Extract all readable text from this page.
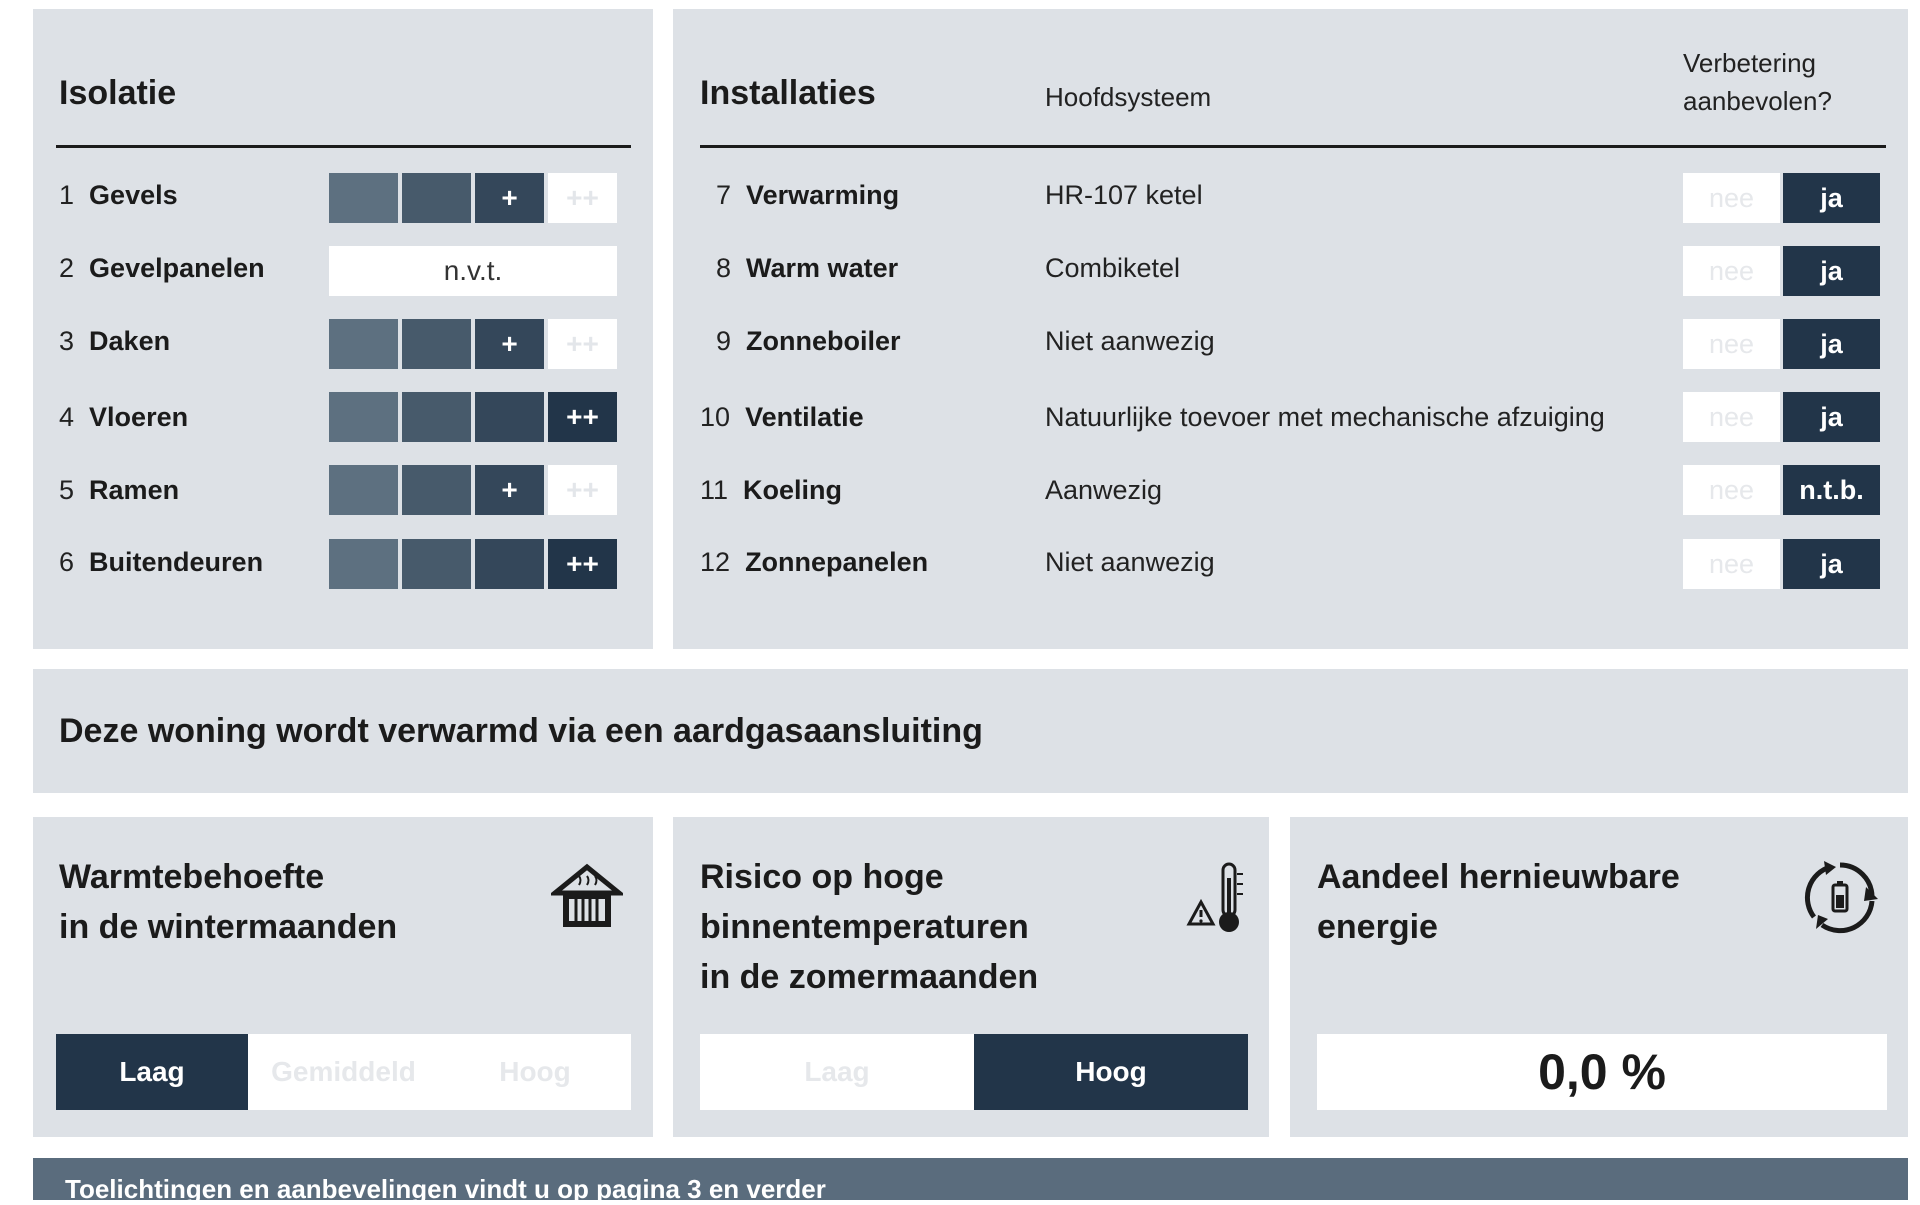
Isolatie
1 Gevels	+	++
2 Gevelpanelen	n.v.t.
3 Daken	+	++
4 Vloeren	++
5 Ramen	+	++
6 Buitendeuren	++
Installaties	Hoofdsysteem
Verbetering
aanbevolen?
7 Verwarming	HR-107 ketel	nee	ja
8 Warm water	Combiketel	nee	ja
9 Zonneboiler	Niet aanwezig	nee	ja
10 Ventilatie	Natuurlijke toevoer met mechanische afzuiging	nee	ja
11 Koeling	Aanwezig	nee	n.t.b.
12 Zonnepanelen	Niet aanwezig	nee	ja
Deze woning wordt verwarmd via een aardgasaansluiting
Warmtebehoefte
in de wintermaanden
Laag	Gemiddeld	Hoog
Risico op hoge
binnentemperaturen
in de zomermaanden
Laag	Hoog
Aandeel hernieuwbare
energie
0,0 %
Toelichtingen en aanbevelingen vindt u op pagina 3 en verder
